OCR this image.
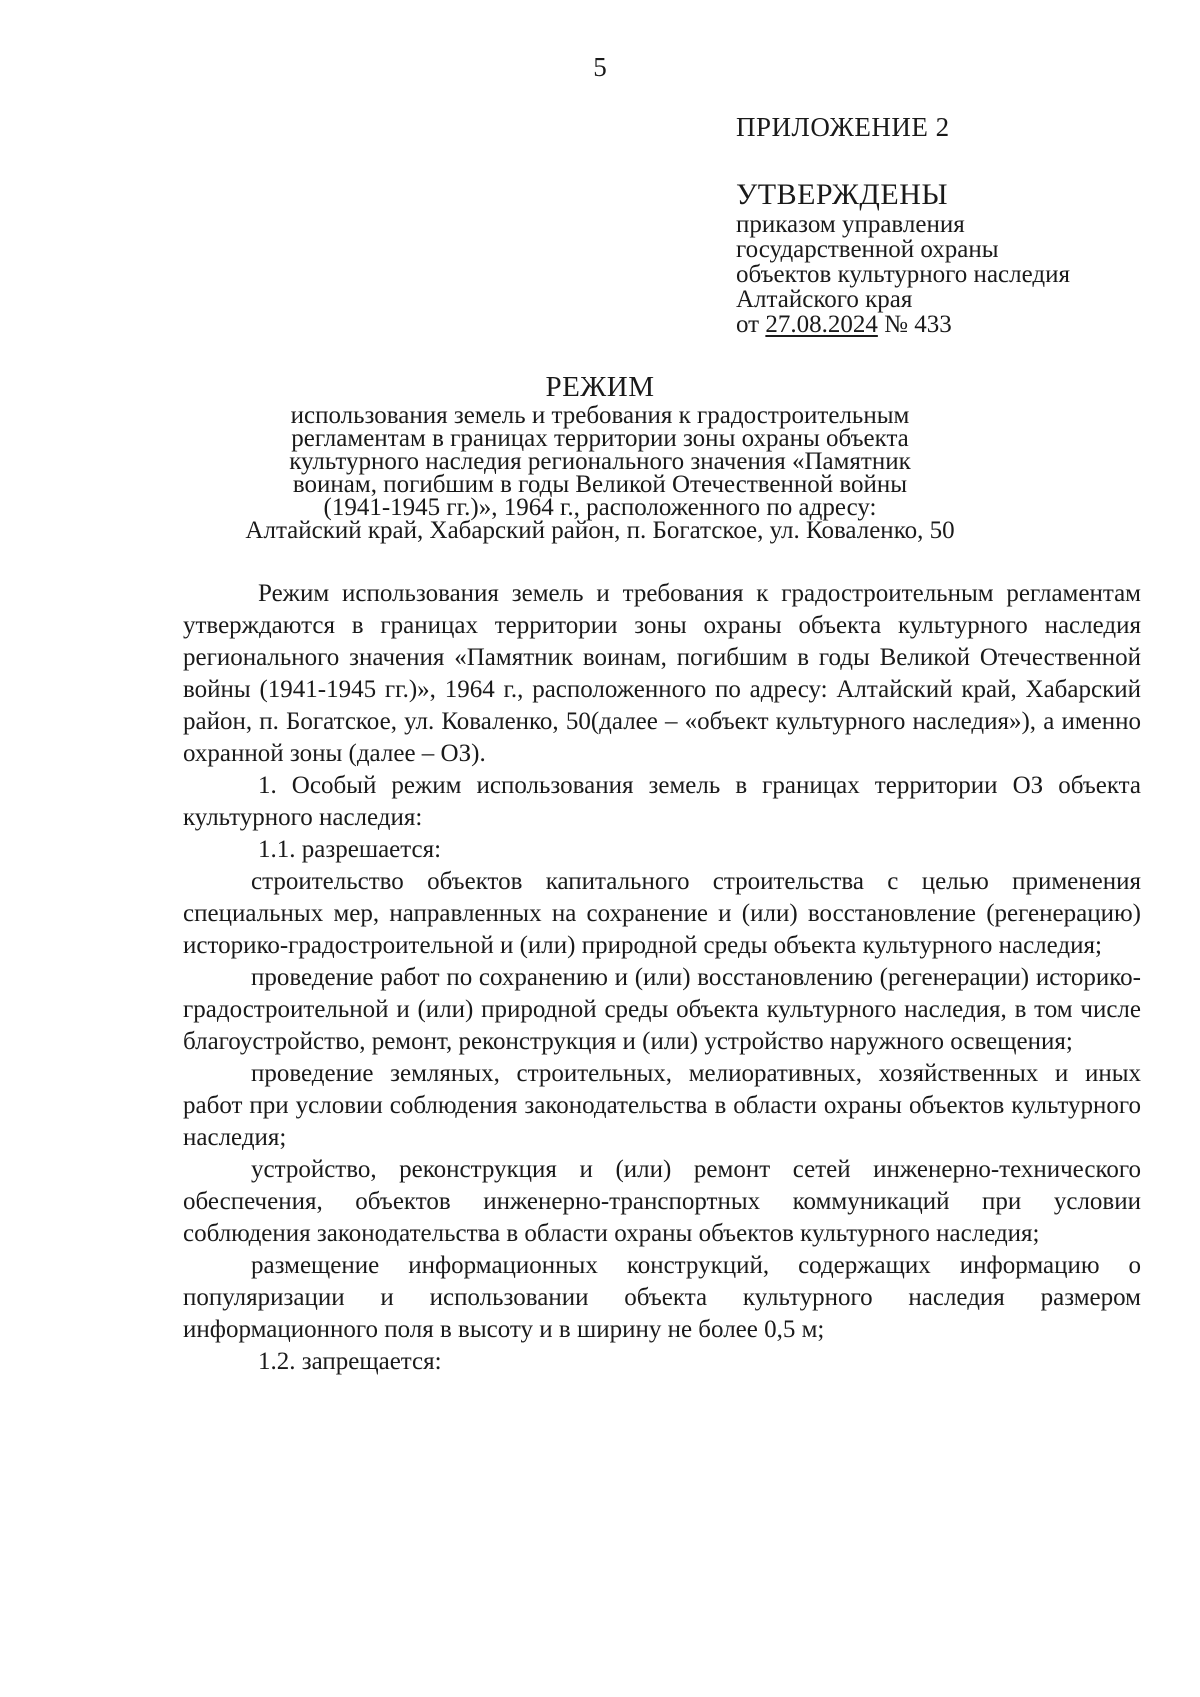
5
ПРИЛОЖЕНИЕ 2
УТВЕРЖДЕНЫ
приказом управления
государственной охраны
объектов культурного наследия
Алтайского края
от 27.08.2024 № 433
РЕЖИМ
использования земель и требования к градостроительным
регламентам в границах территории зоны охраны объекта
культурного наследия регионального значения «Памятник
воинам, погибшим в годы Великой Отечественной войны
(1941-1945 гг.)», 1964 г., расположенного по адресу:
Алтайский край, Хабарский район, п. Богатское, ул. Коваленко, 50

Режим использования земель и требования к градостроительным регламентам утверждаются в границах территории зоны охраны объекта культурного наследия регионального значения «Памятник воинам, погибшим в годы Великой Отечественной войны (1941-1945 гг.)», 1964 г., расположенного по адресу: Алтайский край, Хабарский район, п. Богатское, ул. Коваленко, 50(далее – «объект культурного наследия»), а именно охранной зоны (далее – ОЗ).

1. Особый режим использования земель в границах территории ОЗ объекта культурного наследия:

1.1. разрешается:

строительство объектов капитального строительства с целью применения специальных мер, направленных на сохранение и (или) восстановление (регенерацию) историко-градостроительной и (или) природной среды объекта культурного наследия;

проведение работ по сохранению и (или) восстановлению (регенерации) историко-градостроительной и (или) природной среды объекта культурного наследия, в том числе благоустройство, ремонт, реконструкция и (или) устройство наружного освещения;

проведение земляных, строительных, мелиоративных, хозяйственных и иных работ при условии соблюдения законодательства в области охраны объектов культурного наследия;

устройство, реконструкция и (или) ремонт сетей инженерно-технического обеспечения, объектов инженерно-транспортных коммуникаций при условии соблюдения законодательства в области охраны объектов культурного наследия;

размещение информационных конструкций, содержащих информацию о популяризации и использовании объекта культурного наследия размером информационного поля в высоту и в ширину не более 0,5 м;

1.2. запрещается:
